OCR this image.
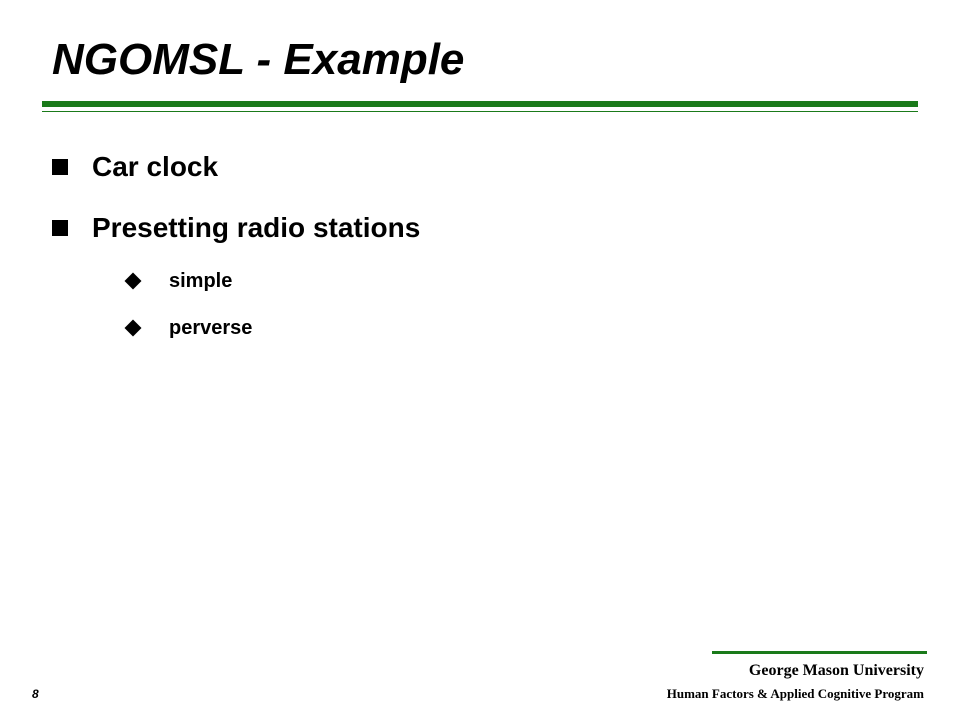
NGOMSL - Example
Car clock
Presetting radio stations
simple
perverse
George Mason University
Human Factors & Applied Cognitive Program
8
